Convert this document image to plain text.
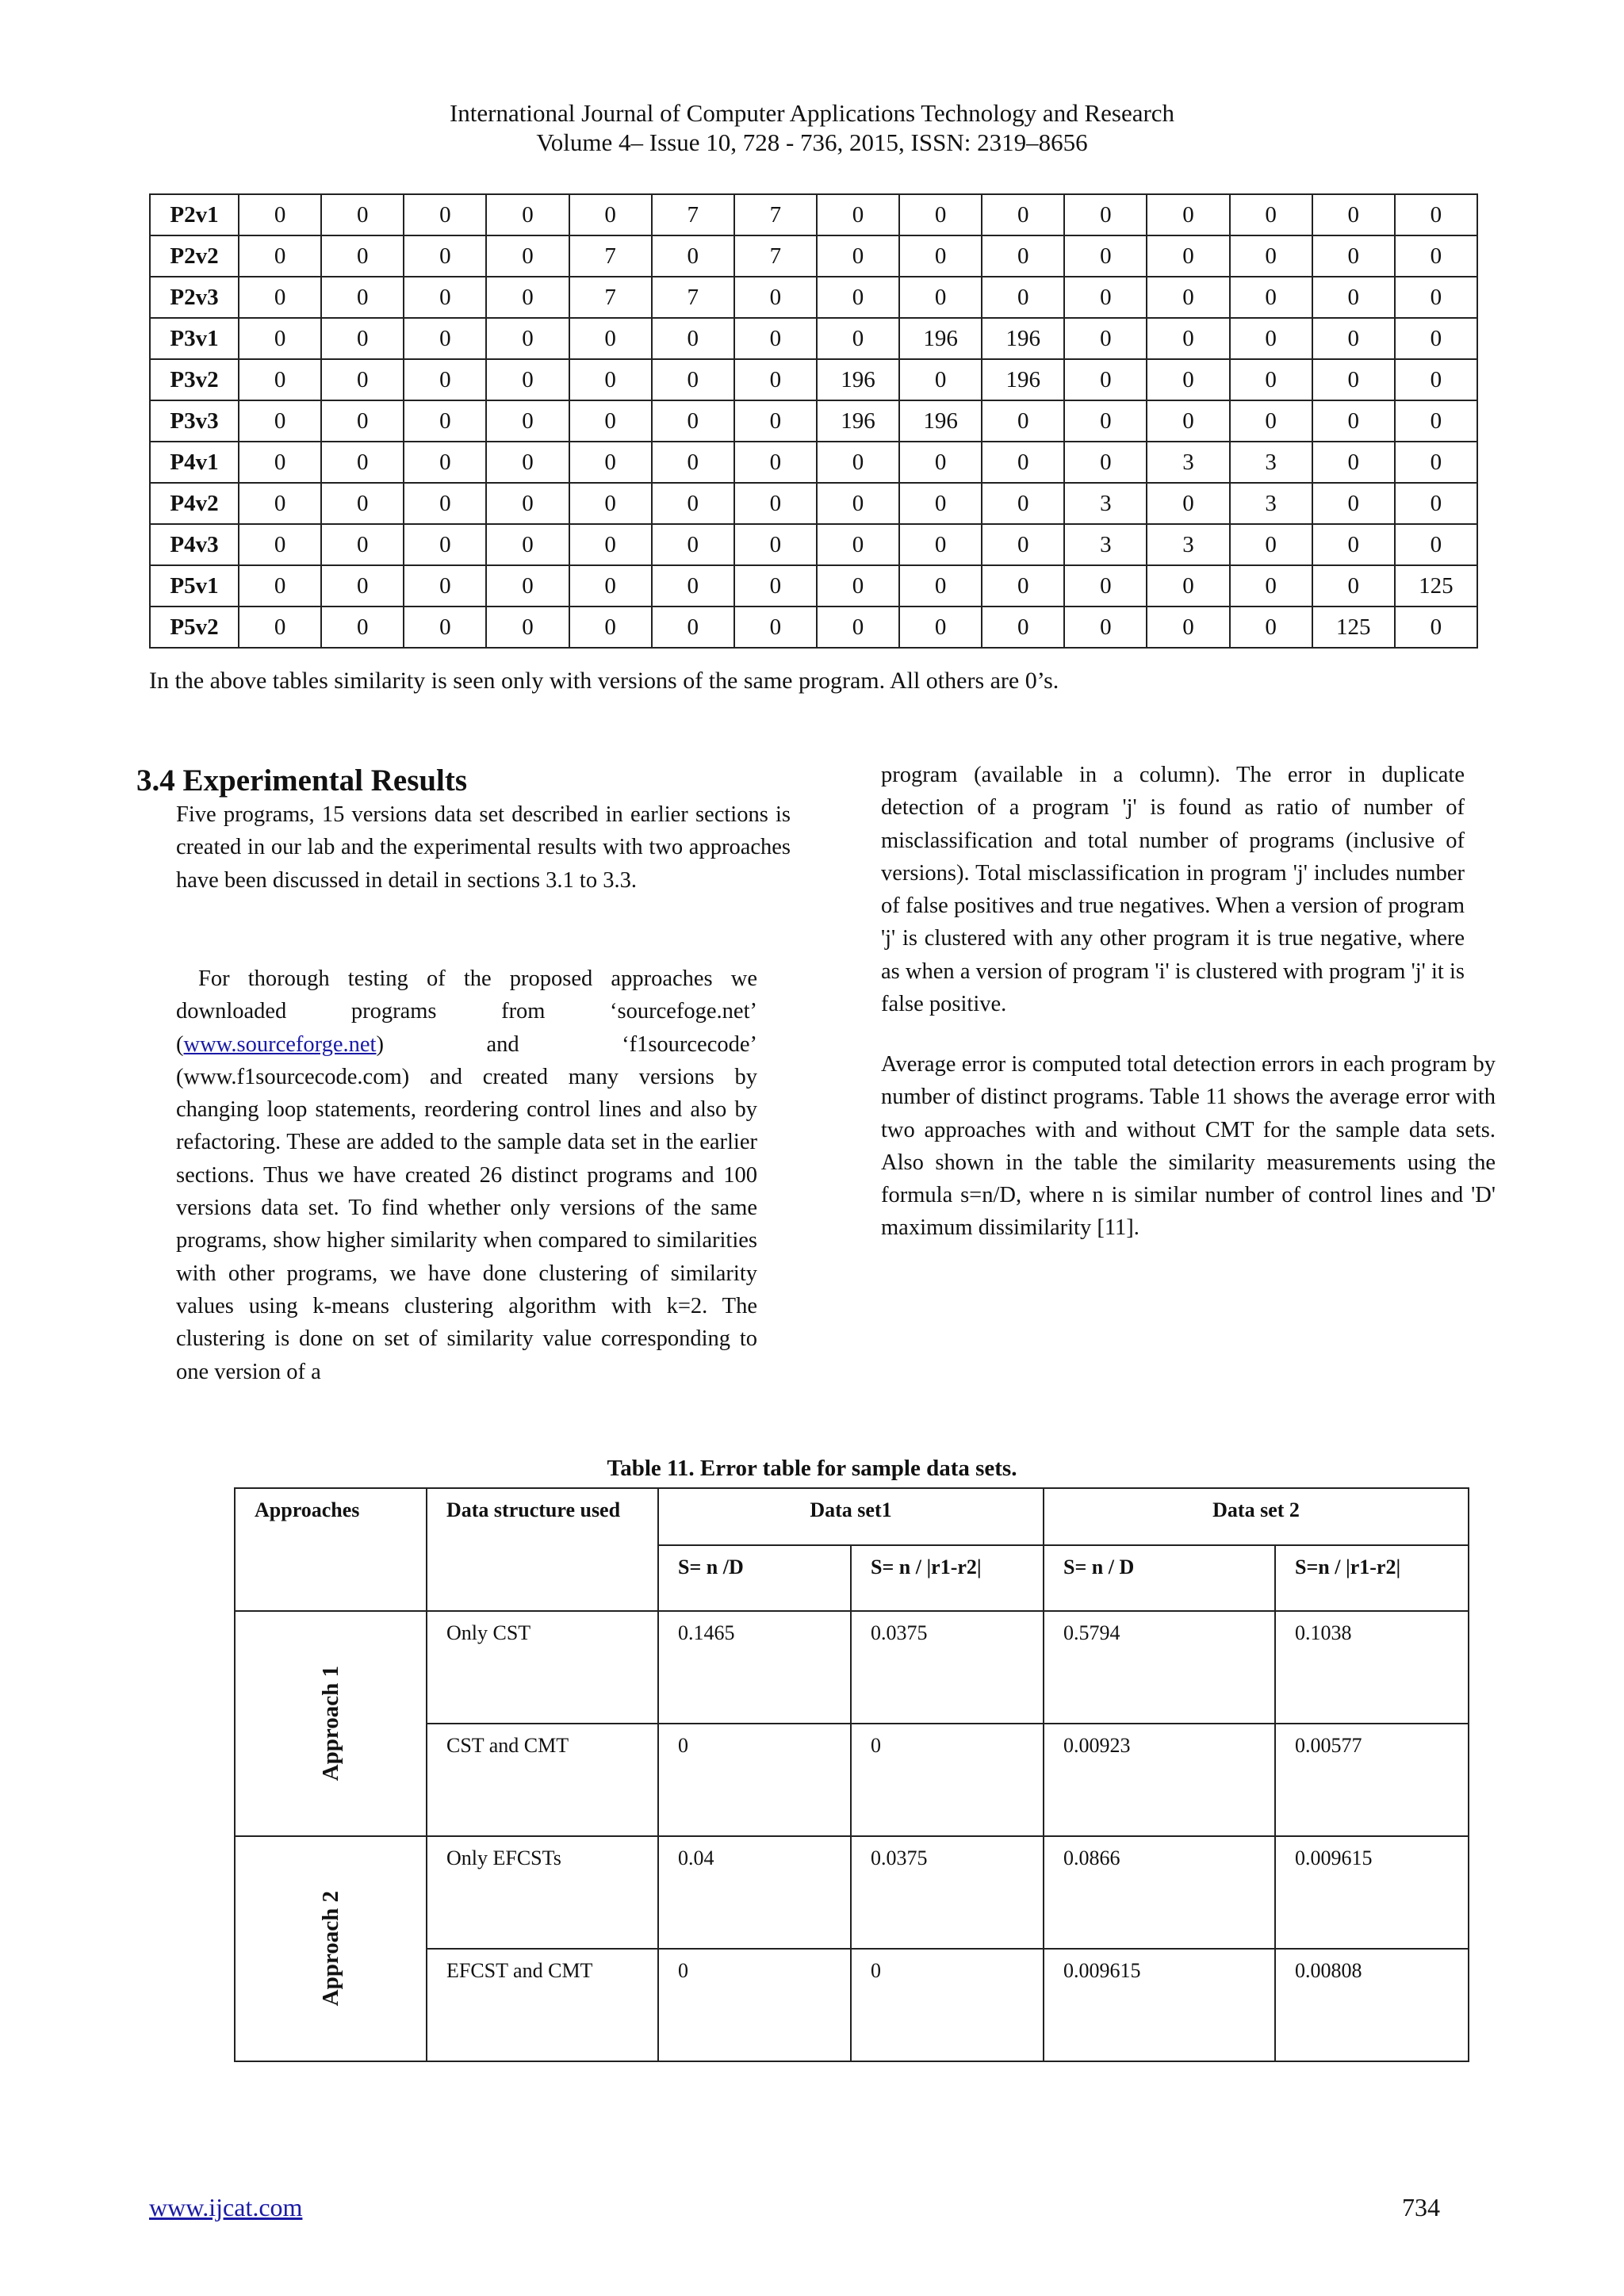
International Journal of Computer Applications Technology and Research
Volume 4– Issue 10, 728 - 736, 2015, ISSN: 2319–8656
P2v1	0	0	0	0	0	7	7	0	0	0	0	0	0	0	0
P2v2	0	0	0	0	7	0	7	0	0	0	0	0	0	0	0
P2v3	0	0	0	0	7	7	0	0	0	0	0	0	0	0	0
P3v1	0	0	0	0	0	0	0	0	196	196	0	0	0	0	0
P3v2	0	0	0	0	0	0	0	196	0	196	0	0	0	0	0
P3v3	0	0	0	0	0	0	0	196	196	0	0	0	0	0	0
P4v1	0	0	0	0	0	0	0	0	0	0	0	3	3	0	0
P4v2	0	0	0	0	0	0	0	0	0	0	3	0	3	0	0
P4v3	0	0	0	0	0	0	0	0	0	0	3	3	0	0	0
P5v1	0	0	0	0	0	0	0	0	0	0	0	0	0	0	125
P5v2	0	0	0	0	0	0	0	0	0	0	0	0	0	125	0
In the above tables similarity is seen only with versions of the same program. All others are 0’s.
3.4 Experimental Results
Five programs, 15 versions data set described in earlier sections is created in our lab and the experimental results with two approaches have been discussed in detail in sections 3.1 to 3.3.
For thorough testing of the proposed approaches we downloaded programs from ‘sourcefoge.net’ (www.sourceforge.net) and ‘f1sourcecode’ (www.f1sourcecode.com) and created many versions by changing loop statements, reordering control lines and also by refactoring. These are added to the sample data set in the earlier sections. Thus we have created 26 distinct programs and 100 versions data set. To find whether only versions of the same programs, show higher similarity when compared to similarities with other programs, we have done clustering of similarity values using k-means clustering algorithm with k=2. The clustering is done on set of similarity value corresponding to one version of a
program (available in a column). The error in duplicate detection of a program 'j' is found as ratio of number of misclassification and total number of programs (inclusive of versions). Total misclassification in program 'j' includes number of false positives and true negatives. When a version of program 'j' is clustered with any other program it is true negative, where as when a version of program 'i' is clustered with program 'j' it is false positive.
Average error is computed total detection errors in each program by number of distinct programs. Table 11 shows the average error with two approaches with and without CMT for the sample data sets. Also shown in the table the similarity measurements using the formula s=n/D, where n is similar number of control lines and 'D' maximum dissimilarity [11].
Table 11. Error table for sample data sets.
Approaches	Data structure used	Data set1		Data set 2	
		S= n /D	S= n / |r1-r2|	S= n / D	S=n / |r1-r2|

Approach 1	Only CST	0.1465	0.0375	0.5794	0.1038
	CST and CMT	0	0	0.00923	0.00577

Approach 2	Only EFCSTs	0.04	0.0375	0.0866	0.009615
	EFCST and CMT	0	0	0.009615	0.00808
www.ijcat.com	734
